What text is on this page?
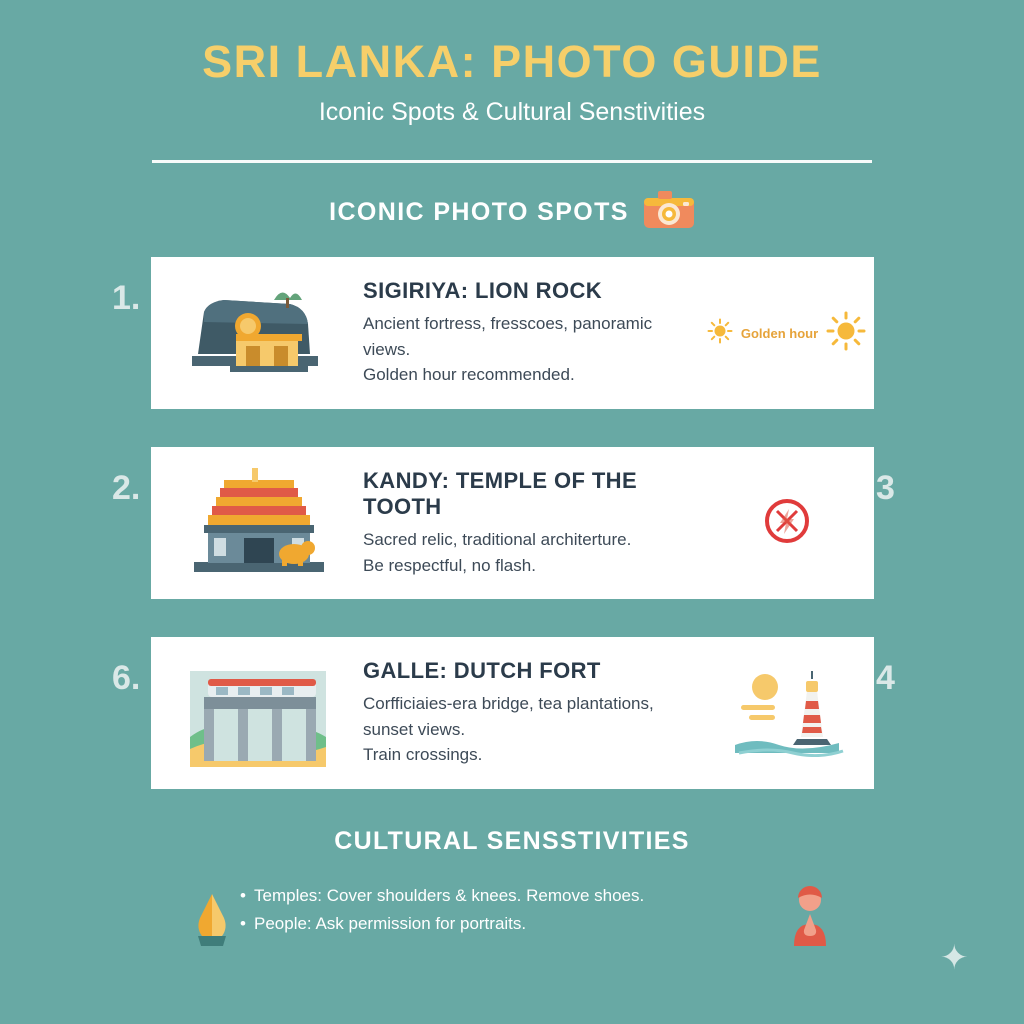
SRI LANKA: PHOTO GUIDE

Iconic Spots & Cultural Senstivities

ICONIC PHOTO SPOTS
1.	SIGIRIYA: LION ROCK

Ancient fortress, fresscoes, panoramic views.

Golden hour recommended.

Golden hour
2.	KANDY: TEMPLE OF THE TOOTH

Sacred relic, traditional architerture.

Be respectful, no flash.

3
6.	GALLE: DUTCH FORT

Corfficiaies-era bridge, tea plantations, sunset views.

Train crossings.

4

CULTURAL SENSSTIVITIES

• Temples: Cover shoulders & knees. Remove shoes.
• People: Ask permission for portraits.
✦
